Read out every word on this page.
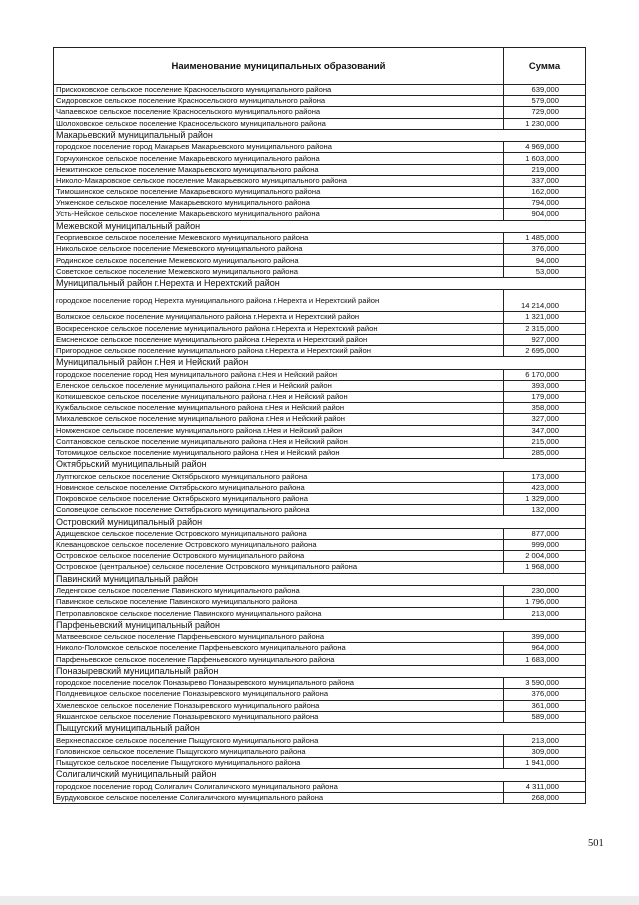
Наименование муниципальных образований	Сумма
Прискоковское сельское поселение Красносельского муниципального района	639,000
Сидоровское сельское поселение Красносельского муниципального района	579,000
Чапаевское сельское поселение Красносельского муниципального района	729,000
Шолоховское сельское поселение Красносельского муниципального района	1 230,000
Макарьевский муниципальный район	
городское поселение город Макарьев Макарьевского муниципального района	4 969,000
Горчухинское сельское поселение Макарьевского муниципального района	1 603,000
Нежитинское сельское поселение Макарьевского муниципального района	219,000
Николо-Макаровское сельское поселение Макарьевского муниципального района	337,000
Тимошинское сельское поселение Макарьевского муниципального района	162,000
Унженское сельское поселение Макарьевского муниципального района	794,000
Усть-Нейское сельское поселение Макарьевского муниципального района	904,000
Межевской муниципальный район	
Георгиевское сельское поселение Межевского муниципального района	1 485,000
Никольское сельское поселение Межевского муниципального района	376,000
Родинское сельское поселение Межевского муниципального района	94,000
Советское сельское поселение Межевского муниципального района	53,000
Муниципальный район г.Нерехта и Нерехтский район	
городское поселение город Нерехта муниципального района г.Нерехта и Нерехтский район	14 214,000
Волжское сельское поселение муниципального района г.Нерехта и Нерехтский район	1 321,000
Воскресенское сельское поселение муниципального района г.Нерехта и Нерехтский район	2 315,000
Емсненское сельское поселение муниципального района г.Нерехта и Нерехтский район	927,000
Пригородное сельское поселение муниципального района г.Нерехта и Нерехтский район	2 695,000
Муниципальный район г.Нея и Нейский район	
городское поселение город Нея муниципального района г.Нея и Нейский район	6 170,000
Еленское сельское поселение муниципального района г.Нея и Нейский район	393,000
Коткишевское сельское поселение муниципального района г.Нея и Нейский район	179,000
Кужбальское сельское поселение муниципального района г.Нея и Нейский район	358,000
Михалевское сельское поселение муниципального района г.Нея и Нейский район	327,000
Номженское сельское поселение муниципального района г.Нея и Нейский район	347,000
Солтановское сельское поселение муниципального района г.Нея и Нейский район	215,000
Тотомицкое сельское поселение муниципального района г.Нея и Нейский район	285,000
Октябрьский муниципальный район	
Луптюгское сельское поселение Октябрьского муниципального района	173,000
Новинское сельское поселение Октябрьского муниципального района	423,000
Покровское сельское поселение Октябрьского муниципального района	1 329,000
Соловецкое сельское поселение Октябрьского муниципального района	132,000
Островский муниципальный район	
Адищевское сельское поселение Островского муниципального района	877,000
Клеванцовское сельское поселение Островского муниципального района	999,000
Островское сельское поселение Островского муниципального района	2 004,000
Островское (центральное) сельское поселение Островского муниципального района	1 968,000
Павинский муниципальный район	
Леденгское сельское поселение Павинского муниципального района	230,000
Павинское сельское поселение Павинского муниципального района	1 796,000
Петропавловское сельское поселение Павинского муниципального района	213,000
Парфеньевский муниципальный район	
Матвеевское сельское поселение Парфеньевского муниципального района	399,000
Николо-Поломское сельское поселение Парфеньевского муниципального района	964,000
Парфеньевское сельское поселение Парфеньевского муниципального района	1 683,000
Поназыревский муниципальный район	
городское поселение поселок Поназырево Поназыревского муниципального района	3 590,000
Полдневицкое сельское поселение Поназыревского муниципального района	376,000
Хмелевское сельское поселение Поназыревского муниципального района	361,000
Якшангское сельское поселение Поназыревского муниципального района	589,000
Пыщугский муниципальный район	
Верхнеспасское сельское поселение Пыщугского муниципального района	213,000
Головинское сельское поселение Пыщугского муниципального района	309,000
Пыщугское сельское поселение Пыщугского муниципального района	1 941,000
Солигаличский муниципальный район	
городское поселение город Солигалич Солигаличского муниципального района	4 311,000
Бурдуковское сельское поселение Солигаличского муниципального района	268,000
501
